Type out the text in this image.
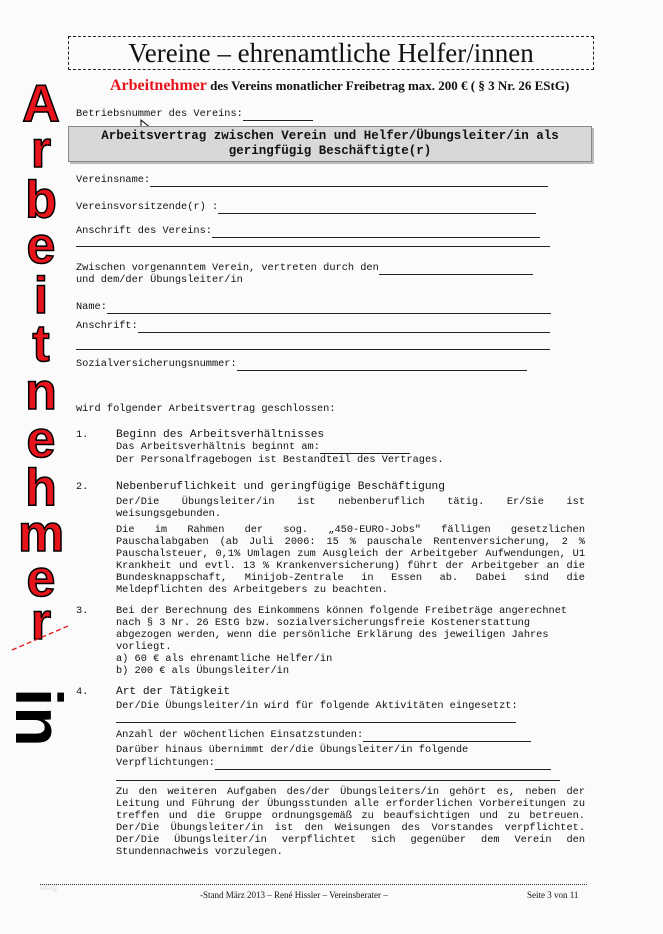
Vereine – ehrenamtliche Helfer/innen
Arbeitnehmer des Vereins monatlicher Freibetrag max. 200 € ( § 3 Nr. 26 EStG)
A
r
b
e
i
t
n
e
h
m
e
r
in
Betriebsnummer des Vereins:
Arbeitsvertrag zwischen Verein und Helfer/Übungsleiter/in als
geringfügig Beschäftigte(r)
Vereinsname:
Vereinsvorsitzende(r) :
Anschrift des Vereins:
Zwischen vorgenanntem Verein, vertreten durch den
und dem/der Übungsleiter/in
Name:
Anschrift:
Sozialversicherungsnummer:
wird folgender Arbeitsvertrag geschlossen:
1. Beginn des Arbeitsverhältnisses
Das Arbeitsverhältnis beginnt am:
Der Personalfragebogen ist Bestandteil des Vertrages.
2. Nebenberuflichkeit und geringfügige Beschäftigung
Der/Die Übungsleiter/in ist nebenberuflich tätig. Er/Sie ist weisungsgebunden.
Die im Rahmen der sog. „450-EURO-Jobs" fälligen gesetzlichen Pauschalabgaben (ab Juli 2006: 15 % pauschale Rentenversicherung, 2 % Pauschalsteuer, 0,1% Umlagen zum Ausgleich der Arbeitgeber Aufwendungen, U1 Krankheit und evtl. 13 % Krankenversicherung) führt der Arbeitgeber an die Bundesknappschaft, Minijob-Zentrale in Essen ab. Dabei sind die Meldepflichten des Arbeitgebers zu beachten.
3.	Bei der Berechnung des Einkommens können folgende Freibeträge angerechnet nach § 3 Nr. 26 EStG bzw. sozialversicherungsfreie Kostenerstattung abgezogen werden, wenn die persönliche Erklärung des jeweiligen Jahres vorliegt.
a) 60 € als ehrenamtliche Helfer/in
b) 200 € als Übungsleiter/in
4. Art der Tätigkeit
Der/Die Übungsleiter/in wird für folgende Aktivitäten eingesetzt:
Anzahl der wöchentlichen Einsatzstunden:
Darüber hinaus übernimmt der/die Übungsleiter/in folgende
Verpflichtungen:
Zu den weiteren Aufgaben des/der Übungsleiters/in gehört es, neben der Leitung und Führung der Übungsstunden alle erforderlichen Vorbereitungen zu treffen und die Gruppe ordnungsgemäß zu beaufsichtigen und zu betreuen. Der/Die Übungsleiter/in ist den Weisungen des Vorstandes verpflichtet. Der/Die Übungsleiter/in verpflichtet sich gegenüber dem Verein den Stundennachweis vorzulegen.
blog
-Stand März 2013 – René Hissler – Vereinsberater –	Seite 3 von 11
